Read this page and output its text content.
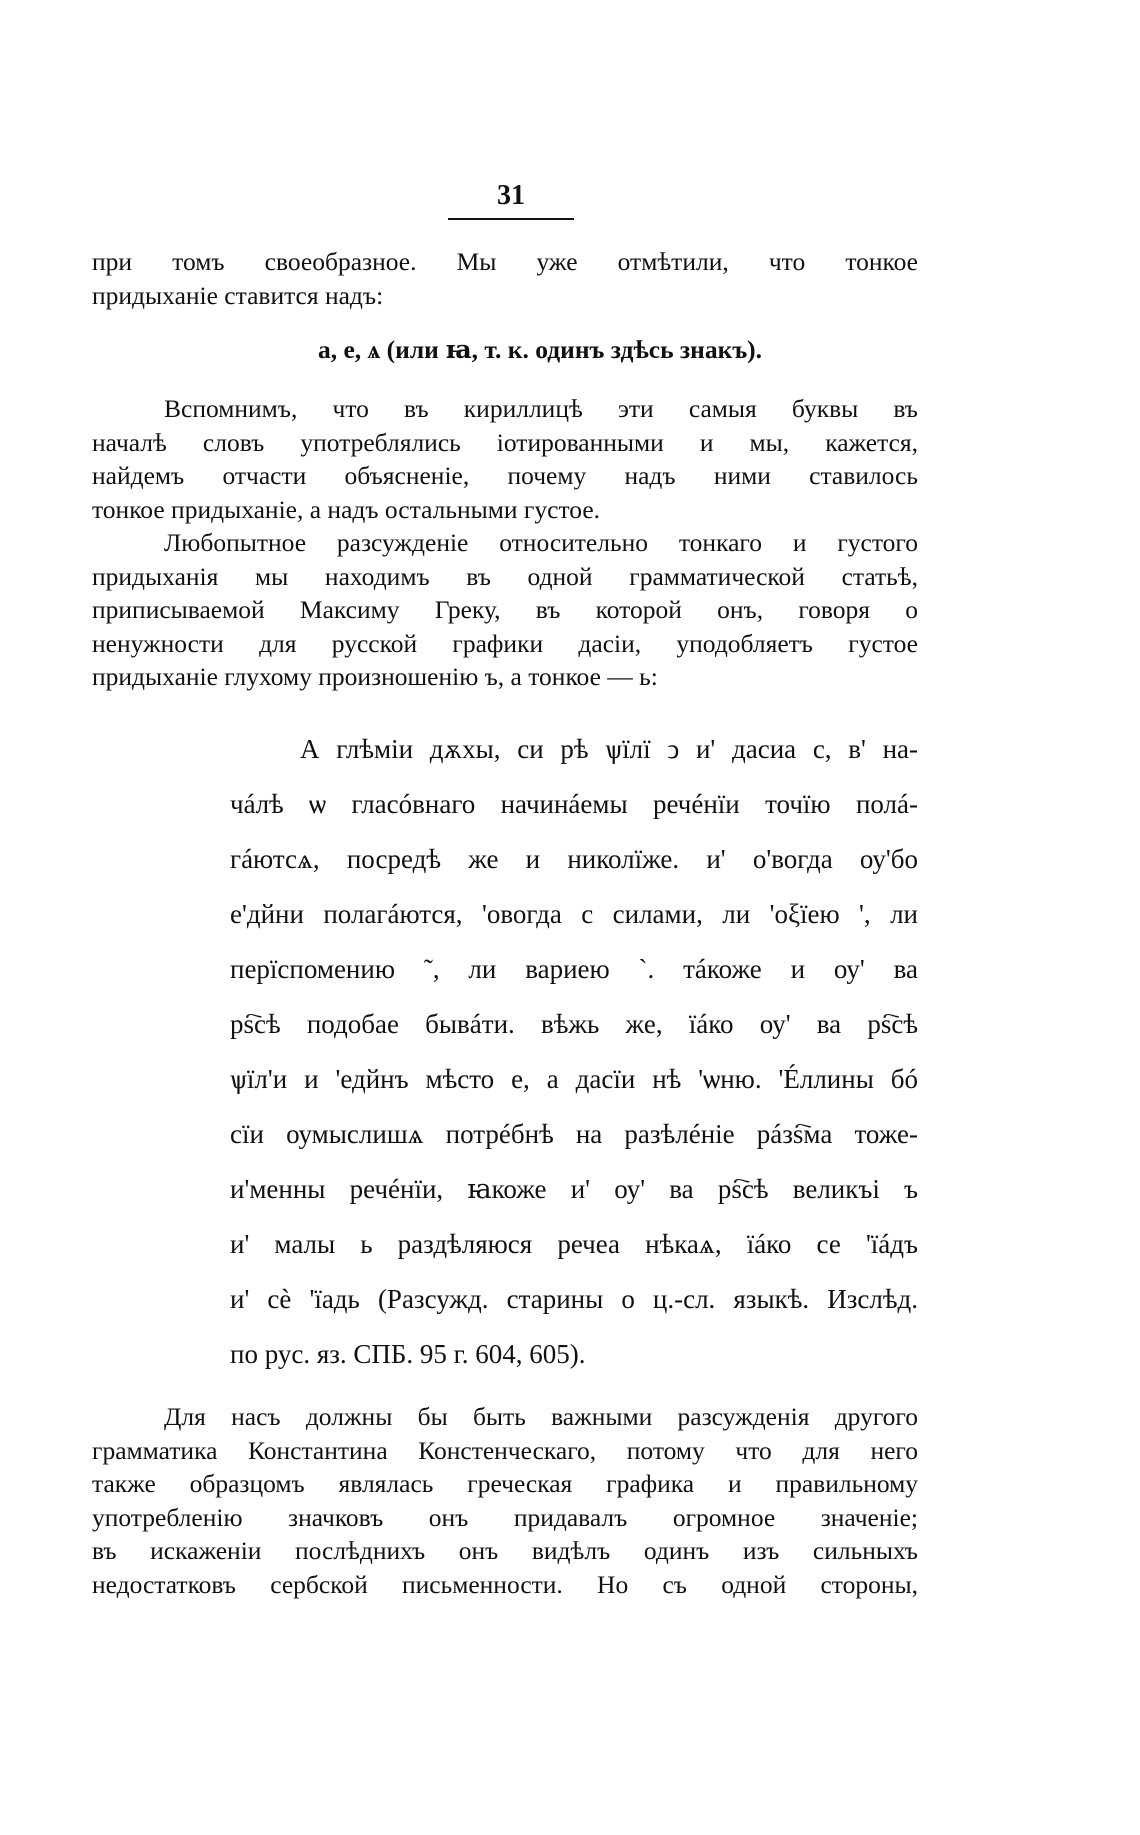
31

при томъ своеобразное. Мы уже отмѣтили, что тонкое
придыханіе ставится надъ:

а, е, ѧ (или ꙗ, т. к. одинъ здѣсь знакъ).

Вспомнимъ, что въ кириллицѣ эти самыя буквы въ
началѣ словъ употреблялись іотированными и мы, кажется,
найдемъ отчасти объясненіе, почему надъ ними ставилось
тонкое придыханіе, а надъ остальными густое.

Любопытное разсужденіе относительно тонкаго и густого
придыханія мы находимъ въ одной грамматической статьѣ,
приписываемой Максиму Греку, въ которой онъ, говоря о
ненужности для русской графики дасіи, уподобляетъ густое
придыханіе глухому произношенію ъ, а тонкое — ь:

А глѣміи дѫхы, си рѣ ѱїлї ͻ и' дасиа с, в' на-
чáлѣ ѡ гласóвнаго начинáемы речéнїи точїю полá-
гáютсѧ, посредѣ же и николїже. и' о'вогда оу'бо
е'дйни полагáются, 'овогда с силами, ли 'оξїею ', ли
перїспомению ˜, ли вариею `. тáкоже и оу' ва
рѕ҇сѣ подобае бывáти. вѣжь же, їáко оу' ва рѕ҇сѣ
ѱїл'и и 'едйнъ мѣсто е, а дасїи нѣ 'ѡню. 'Éллины бó
сїи оумыслишѧ потрéбнѣ на разѣлéніе рáзѕ҇ма тоже-
и'менны речéнїи, ꙗкоже и' оу' ва рѕ҇сѣ великъі ъ
и' малы ь раздѣляюся речеа нѣкаѧ, їáко се 'їáдъ
и' сè 'їадь (Разсужд. старины о ц.-сл. языкѣ. Изслѣд.
по рус. яз. СПБ. 95 г. 604, 605).

Для насъ должны бы быть важными разсужденія другого
грамматика Константина Констенческаго, потому что для него
также образцомъ являлась греческая графика и правильному
употребленію значковъ онъ придавалъ огромное значеніе;
въ искаженіи послѣднихъ онъ видѣлъ одинъ изъ сильныхъ
недостатковъ сербской письменности. Но съ одной стороны,
